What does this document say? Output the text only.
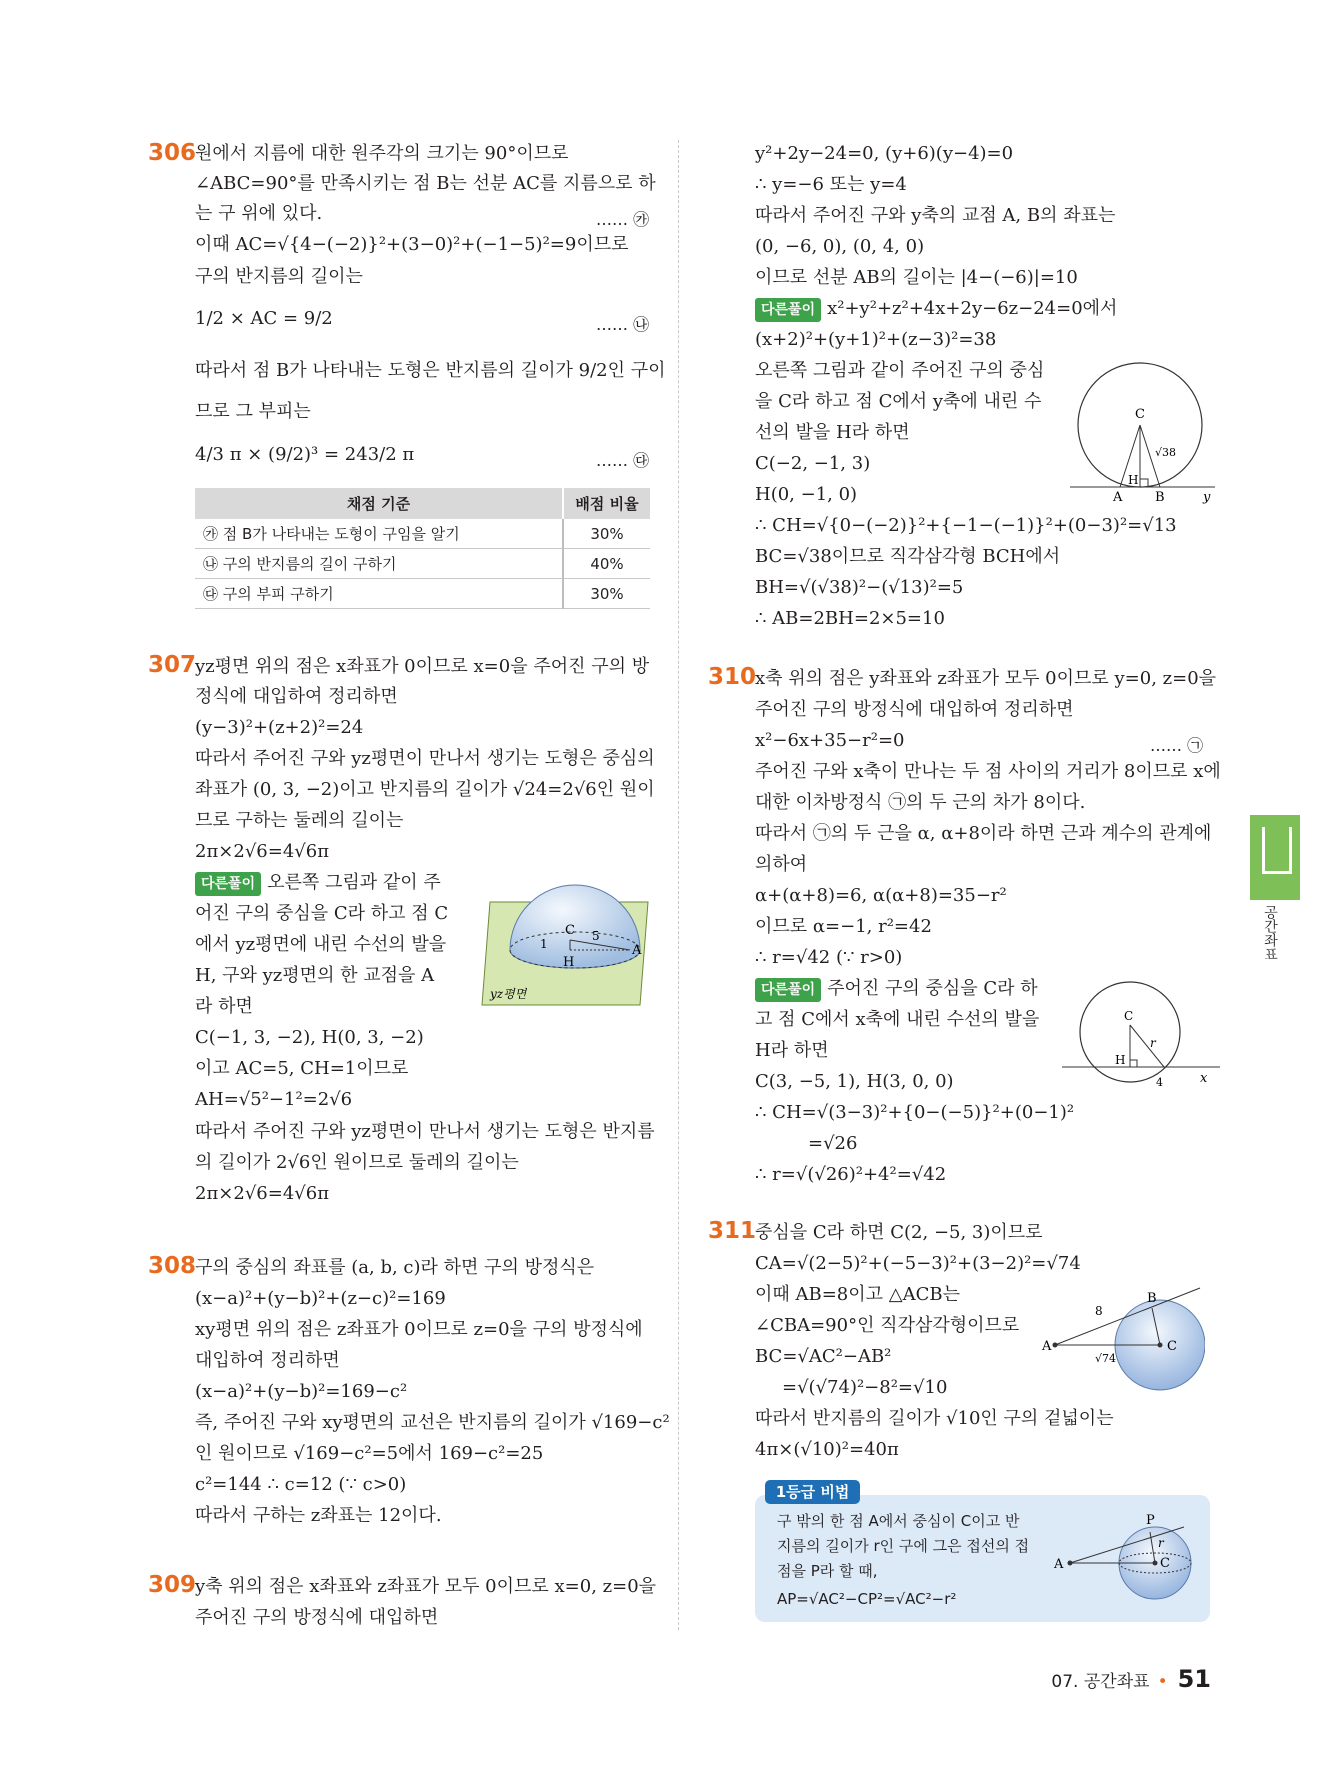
306
원에서 지름에 대한 원주각의 크기는 90°이므로
∠ABC=90°를 만족시키는 점 B는 선분 AC를 지름으로 하
는 구 위에 있다.	…… ㉮
이때 AC=√{4−(−2)}²+(3−0)²+(−1−5)²=9이므로
구의 반지름의 길이는
1/2 × AC = 9/2	…… ㉯
따라서 점 B가 나타내는 도형은 반지름의 길이가 9/2인 구이
므로 그 부피는
4/3 π × (9/2)³ = 243/2 π	…… ㉰
채점 기준	배점 비율
㉮ 점 B가 나타내는 도형이 구임을 알기	30%
㉯ 구의 반지름의 길이 구하기	40%
㉰ 구의 부피 구하기	30%
307
yz평면 위의 점은 x좌표가 0이므로 x=0을 주어진 구의 방
정식에 대입하여 정리하면
(y−3)²+(z+2)²=24
따라서 주어진 구와 yz평면이 만나서 생기는 도형은 중심의
좌표가 (0, 3, −2)이고 반지름의 길이가 √24=2√6인 원이
므로 구하는 둘레의 길이는
2π×2√6=4√6π
다른풀이 오른쪽 그림과 같이 주
어진 구의 중심을 C라 하고 점 C
에서 yz평면에 내린 수선의 발을
H, 구와 yz평면의 한 교점을 A
라 하면
C(−1, 3, −2), H(0, 3, −2)
이고 AC=5, CH=1이므로
AH=√5²−1²=2√6
따라서 주어진 구와 yz평면이 만나서 생기는 도형은 반지름
의 길이가 2√6인 원이므로 둘레의 길이는
2π×2√6=4√6π
C
H
A
1
5
yz평면
308
구의 중심의 좌표를 (a, b, c)라 하면 구의 방정식은
(x−a)²+(y−b)²+(z−c)²=169
xy평면 위의 점은 z좌표가 0이므로 z=0을 구의 방정식에
대입하여 정리하면
(x−a)²+(y−b)²=169−c²
즉, 주어진 구와 xy평면의 교선은 반지름의 길이가 √169−c²
인 원이므로 √169−c²=5에서 169−c²=25
c²=144 ∴ c=12 (∵ c>0)
따라서 구하는 z좌표는 12이다.
309
y축 위의 점은 x좌표와 z좌표가 모두 0이므로 x=0, z=0을
주어진 구의 방정식에 대입하면
y²+2y−24=0, (y+6)(y−4)=0
∴ y=−6 또는 y=4
따라서 주어진 구와 y축의 교점 A, B의 좌표는
(0, −6, 0), (0, 4, 0)
이므로 선분 AB의 길이는 |4−(−6)|=10
다른풀이 x²+y²+z²+4x+2y−6z−24=0에서
(x+2)²+(y+1)²+(z−3)²=38
오른쪽 그림과 같이 주어진 구의 중심
을 C라 하고 점 C에서 y축에 내린 수
선의 발을 H라 하면
C(−2, −1, 3)
H(0, −1, 0)
∴ CH=√{0−(−2)}²+{−1−(−1)}²+(0−3)²=√13
BC=√38이므로 직각삼각형 BCH에서
BH=√(√38)²−(√13)²=5
∴ AB=2BH=2×5=10
C
H
A	B	y
√38
310
x축 위의 점은 y좌표와 z좌표가 모두 0이므로 y=0, z=0을
주어진 구의 방정식에 대입하여 정리하면
x²−6x+35−r²=0	…… ㉠
주어진 구와 x축이 만나는 두 점 사이의 거리가 8이므로 x에
대한 이차방정식 ㉠의 두 근의 차가 8이다.
따라서 ㉠의 두 근을 α, α+8이라 하면 근과 계수의 관계에
의하여
α+(α+8)=6, α(α+8)=35−r²
이므로 α=−1, r²=42
∴ r=√42 (∵ r>0)
다른풀이 주어진 구의 중심을 C라 하
고 점 C에서 x축에 내린 수선의 발을
H라 하면
C(3, −5, 1), H(3, 0, 0)
∴ CH=√(3−3)²+{0−(−5)}²+(0−1)²
=√26
∴ r=√(√26)²+4²=√42
C
H
r
4	x
311
중심을 C라 하면 C(2, −5, 3)이므로
CA=√(2−5)²+(−5−3)²+(3−2)²=√74
이때 AB=8이고 △ACB는
∠CBA=90°인 직각삼각형이므로
BC=√AC²−AB²
=√(√74)²−8²=√10
따라서 반지름의 길이가 √10인 구의 겉넓이는
4π×(√10)²=40π
A
B
C
8
√74
1등급 비법
구 밖의 한 점 A에서 중심이 C이고 반
지름의 길이가 r인 구에 그은 접선의 접
점을 P라 할 때,
AP=√AC²−CP²=√AC²−r²
A
P
C
r
공간좌표
07. 공간좌표 • 51
